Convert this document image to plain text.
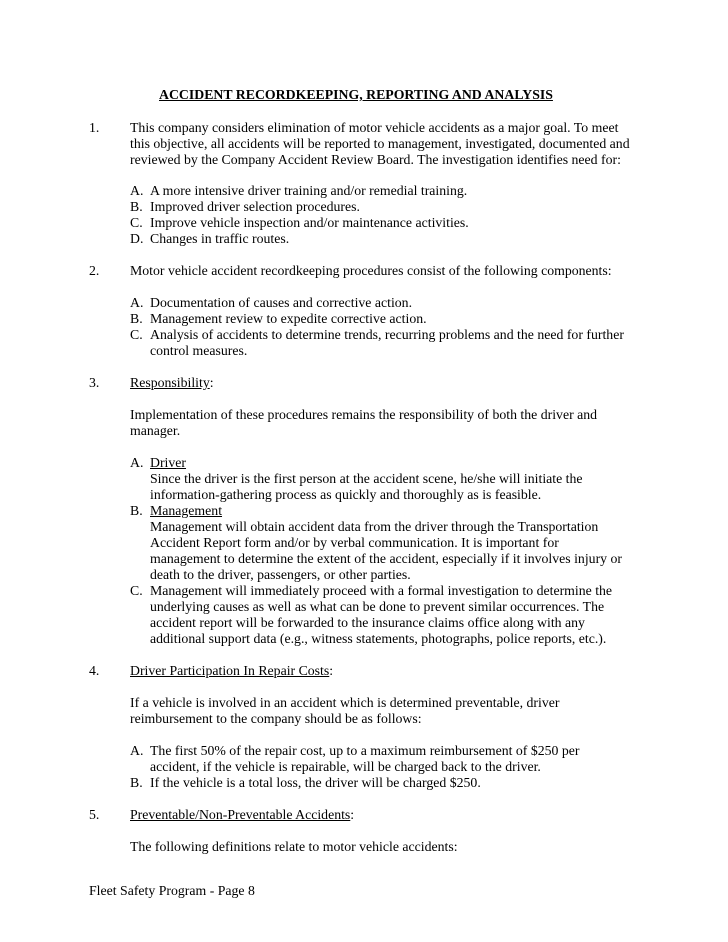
ACCIDENT RECORDKEEPING, REPORTING AND ANALYSIS
1. This company considers elimination of motor vehicle accidents as a major goal. To meet
this objective, all accidents will be reported to management, investigated, documented and
reviewed by the Company Accident Review Board. The investigation identifies need for:
A. A more intensive driver training and/or remedial training.
B. Improved driver selection procedures.
C. Improve vehicle inspection and/or maintenance activities.
D. Changes in traffic routes.
2. Motor vehicle accident recordkeeping procedures consist of the following components:
A. Documentation of causes and corrective action.
B. Management review to expedite corrective action.
C. Analysis of accidents to determine trends, recurring problems and the need for further
control measures.
3. Responsibility:
Implementation of these procedures remains the responsibility of both the driver and
manager.
A. Driver
Since the driver is the first person at the accident scene, he/she will initiate the
information-gathering process as quickly and thoroughly as is feasible.
B. Management
Management will obtain accident data from the driver through the Transportation
Accident Report form and/or by verbal communication. It is important for
management to determine the extent of the accident, especially if it involves injury or
death to the driver, passengers, or other parties.
C. Management will immediately proceed with a formal investigation to determine the
underlying causes as well as what can be done to prevent similar occurrences. The
accident report will be forwarded to the insurance claims office along with any
additional support data (e.g., witness statements, photographs, police reports, etc.).
4. Driver Participation In Repair Costs:
If a vehicle is involved in an accident which is determined preventable, driver
reimbursement to the company should be as follows:
A. The first 50% of the repair cost, up to a maximum reimbursement of $250 per
accident, if the vehicle is repairable, will be charged back to the driver.
B. If the vehicle is a total loss, the driver will be charged $250.
5. Preventable/Non-Preventable Accidents:
The following definitions relate to motor vehicle accidents:
Fleet Safety Program - Page 8
